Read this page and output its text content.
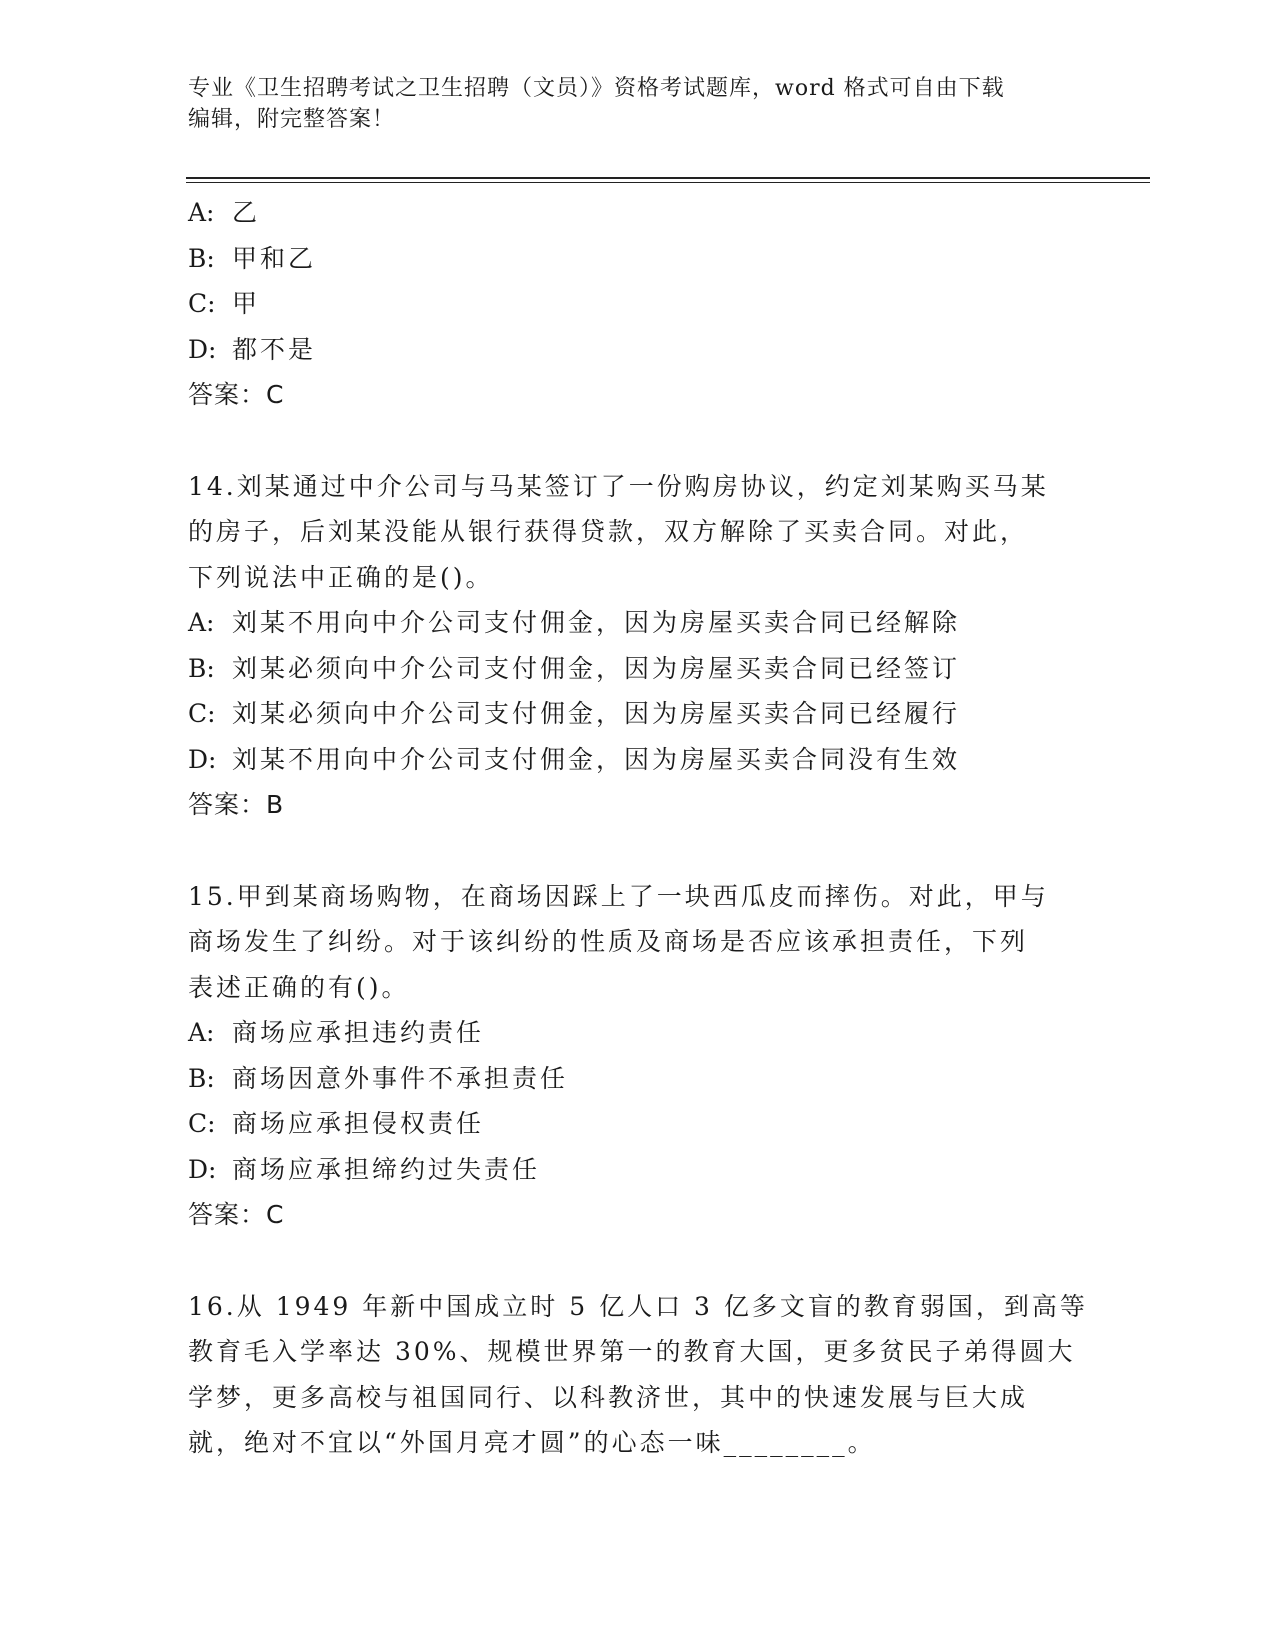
专业《卫生招聘考试之卫生招聘（文员）》资格考试题库，word 格式可自由下载
编辑，附完整答案！
A: 乙
B: 甲和乙
C: 甲
D: 都不是
答案：C
14.刘某通过中介公司与马某签订了一份购房协议，约定刘某购买马某
的房子，后刘某没能从银行获得贷款，双方解除了买卖合同。对此，
下列说法中正确的是()。
A: 刘某不用向中介公司支付佣金，因为房屋买卖合同已经解除
B: 刘某必须向中介公司支付佣金，因为房屋买卖合同已经签订
C: 刘某必须向中介公司支付佣金，因为房屋买卖合同已经履行
D: 刘某不用向中介公司支付佣金，因为房屋买卖合同没有生效
答案：B
15.甲到某商场购物，在商场因踩上了一块西瓜皮而摔伤。对此，甲与
商场发生了纠纷。对于该纠纷的性质及商场是否应该承担责任，下列
表述正确的有()。
A: 商场应承担违约责任
B: 商场因意外事件不承担责任
C: 商场应承担侵权责任
D: 商场应承担缔约过失责任
答案：C
16.从 1949 年新中国成立时 5 亿人口 3 亿多文盲的教育弱国，到高等
教育毛入学率达 30%、规模世界第一的教育大国，更多贫民子弟得圆大
学梦，更多高校与祖国同行、以科教济世，其中的快速发展与巨大成
就，绝对不宜以“外国月亮才圆”的心态一味________。
